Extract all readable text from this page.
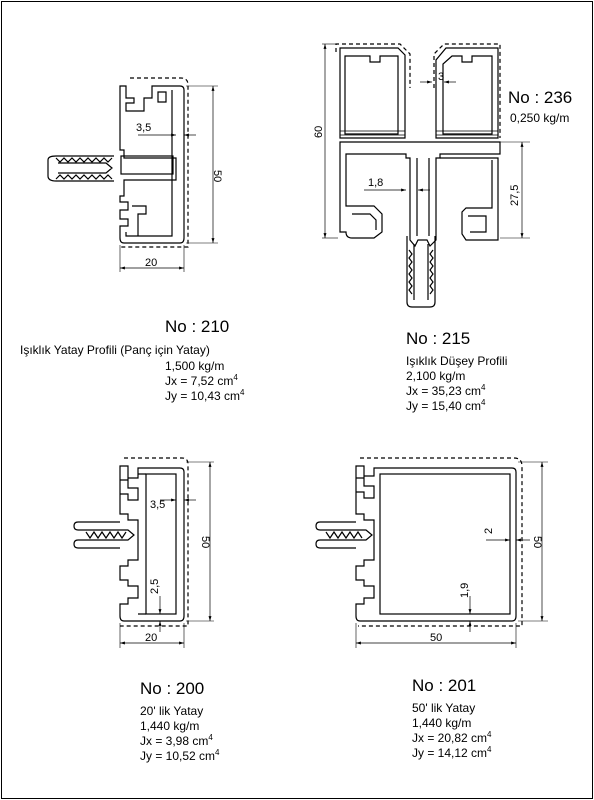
3,5
50
20
60
27,5
1,8
3
3,5
2,5
50
20
2
1,9
50
50
No : 210
Işıklık Yatay Profili (Panç için Yatay)
1,500 kg/m
Jx = 7,52 $cm^4$
Jy = 10,43 $cm^4$
No : 236
0,250 kg/m
No : 215
Işıklık Düşey Profili
2,100 kg/m
Jx = 35,23 $cm^4$
Jy = 15,40 $cm^4$
No : 200
20' lik Yatay
1,440 kg/m
Jx = 3,98 $cm^4$
Jy = 10,52 $cm^4$
No : 201
50' lik Yatay
1,440 kg/m
Jx = 20,82 $cm^4$
Jy = 14,12 $cm^4$
